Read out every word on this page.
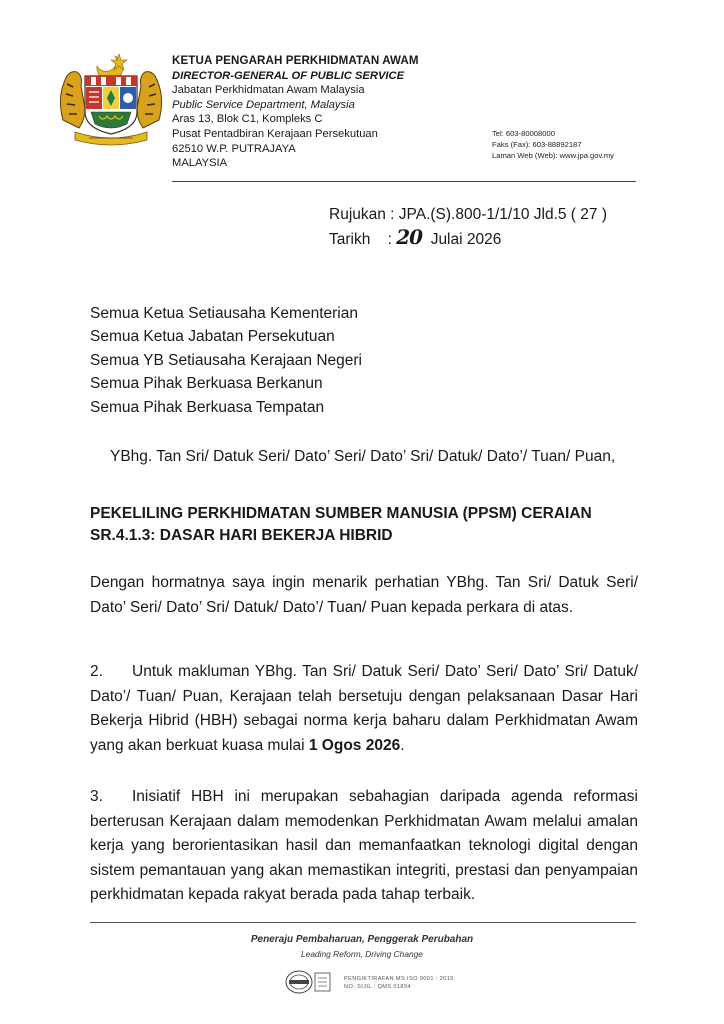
KETUA PENGARAH PERKHIDMATAN AWAM
DIRECTOR-GENERAL OF PUBLIC SERVICE
Jabatan Perkhidmatan Awam Malaysia
Public Service Department, Malaysia
Aras 13, Blok C1, Kompleks C
Pusat Pentadbiran Kerajaan Persekutuan
62510 W.P. PUTRAJAYA
MALAYSIA
Tel: 603-80008000
Faks (Fax): 603-88892187
Laman Web (Web): www.jpa.gov.my
Rujukan : JPA.(S).800-1/1/10 Jld.5 ( 27 )
Tarikh : 20 Julai 2026
Semua Ketua Setiausaha Kementerian
Semua Ketua Jabatan Persekutuan
Semua YB Setiausaha Kerajaan Negeri
Semua Pihak Berkuasa Berkanun
Semua Pihak Berkuasa Tempatan
YBhg. Tan Sri/ Datuk Seri/ Dato’ Seri/ Dato’ Sri/ Datuk/ Dato’/ Tuan/ Puan,
PEKELILING PERKHIDMATAN SUMBER MANUSIA (PPSM) CERAIAN
SR.4.1.3: DASAR HARI BEKERJA HIBRID
Dengan hormatnya saya ingin menarik perhatian YBhg. Tan Sri/ Datuk Seri/ Dato’ Seri/ Dato’ Sri/ Datuk/ Dato’/ Tuan/ Puan kepada perkara di atas.
2. Untuk makluman YBhg. Tan Sri/ Datuk Seri/ Dato’ Seri/ Dato’ Sri/ Datuk/ Dato’/ Tuan/ Puan, Kerajaan telah bersetuju dengan pelaksanaan Dasar Hari Bekerja Hibrid (HBH) sebagai norma kerja baharu dalam Perkhidmatan Awam yang akan berkuat kuasa mulai 1 Ogos 2026.
3. Inisiatif HBH ini merupakan sebahagian daripada agenda reformasi berterusan Kerajaan dalam memodenkan Perkhidmatan Awam melalui amalan kerja yang berorientasikan hasil dan memanfaatkan teknologi digital dengan sistem pemantauan yang akan memastikan integriti, prestasi dan penyampaian perkhidmatan kepada rakyat berada pada tahap terbaik.
Peneraju Pembaharuan, Penggerak Perubahan
Leading Reform, Driving Change
PENGIKTIRAFAN MS ISO 9001 : 2015
NO. SIJIL : QMS 01894
